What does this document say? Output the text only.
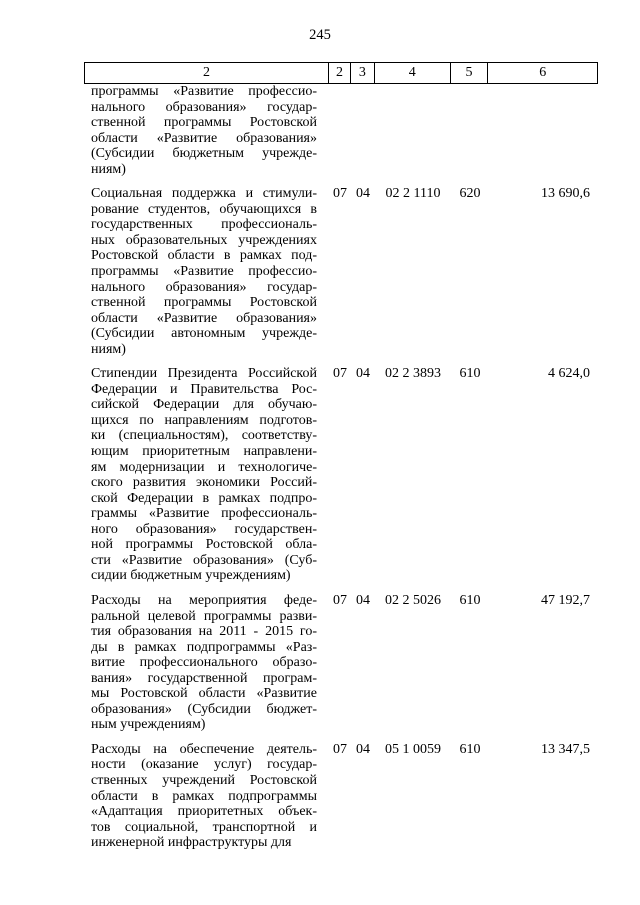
245
2	2	3	4	5	6
программы «Развитие профессио-
нального образования» государ-
ственной программы Ростовской
области «Развитие образования»
(Субсидии бюджетным учрежде-
ниям)
Социальная поддержка и стимули-
рование студентов, обучающихся в
государственных профессиональ-
ных образовательных учреждениях
Ростовской области в рамках под-
программы «Развитие профессио-
нального образования» государ-
ственной программы Ростовской
области «Развитие образования»
(Субсидии автономным учрежде-
ниям)
07 04	02 2 1110	620	13 690,6
Стипендии Президента Российской
Федерации и Правительства Рос-
сийской Федерации для обучаю-
щихся по направлениям подготов-
ки (специальностям), соответству-
ющим приоритетным направлени-
ям модернизации и технологиче-
ского развития экономики Россий-
ской Федерации в рамках подпро-
граммы «Развитие профессиональ-
ного образования» государствен-
ной программы Ростовской обла-
сти «Развитие образования» (Суб-
сидии бюджетным учреждениям)
07 04	02 2 3893	610	4 624,0
Расходы на мероприятия феде-
ральной целевой программы разви-
тия образования на 2011 - 2015 го-
ды в рамках подпрограммы «Раз-
витие профессионального образо-
вания» государственной програм-
мы Ростовской области «Развитие
образования» (Субсидии бюджет-
ным учреждениям)
07 04	02 2 5026	610	47 192,7
Расходы на обеспечение деятель-
ности (оказание услуг) государ-
ственных учреждений Ростовской
области в рамках подпрограммы
«Адаптация приоритетных объек-
тов социальной, транспортной и
инженерной инфраструктуры для
07 04	05 1 0059	610	13 347,5
